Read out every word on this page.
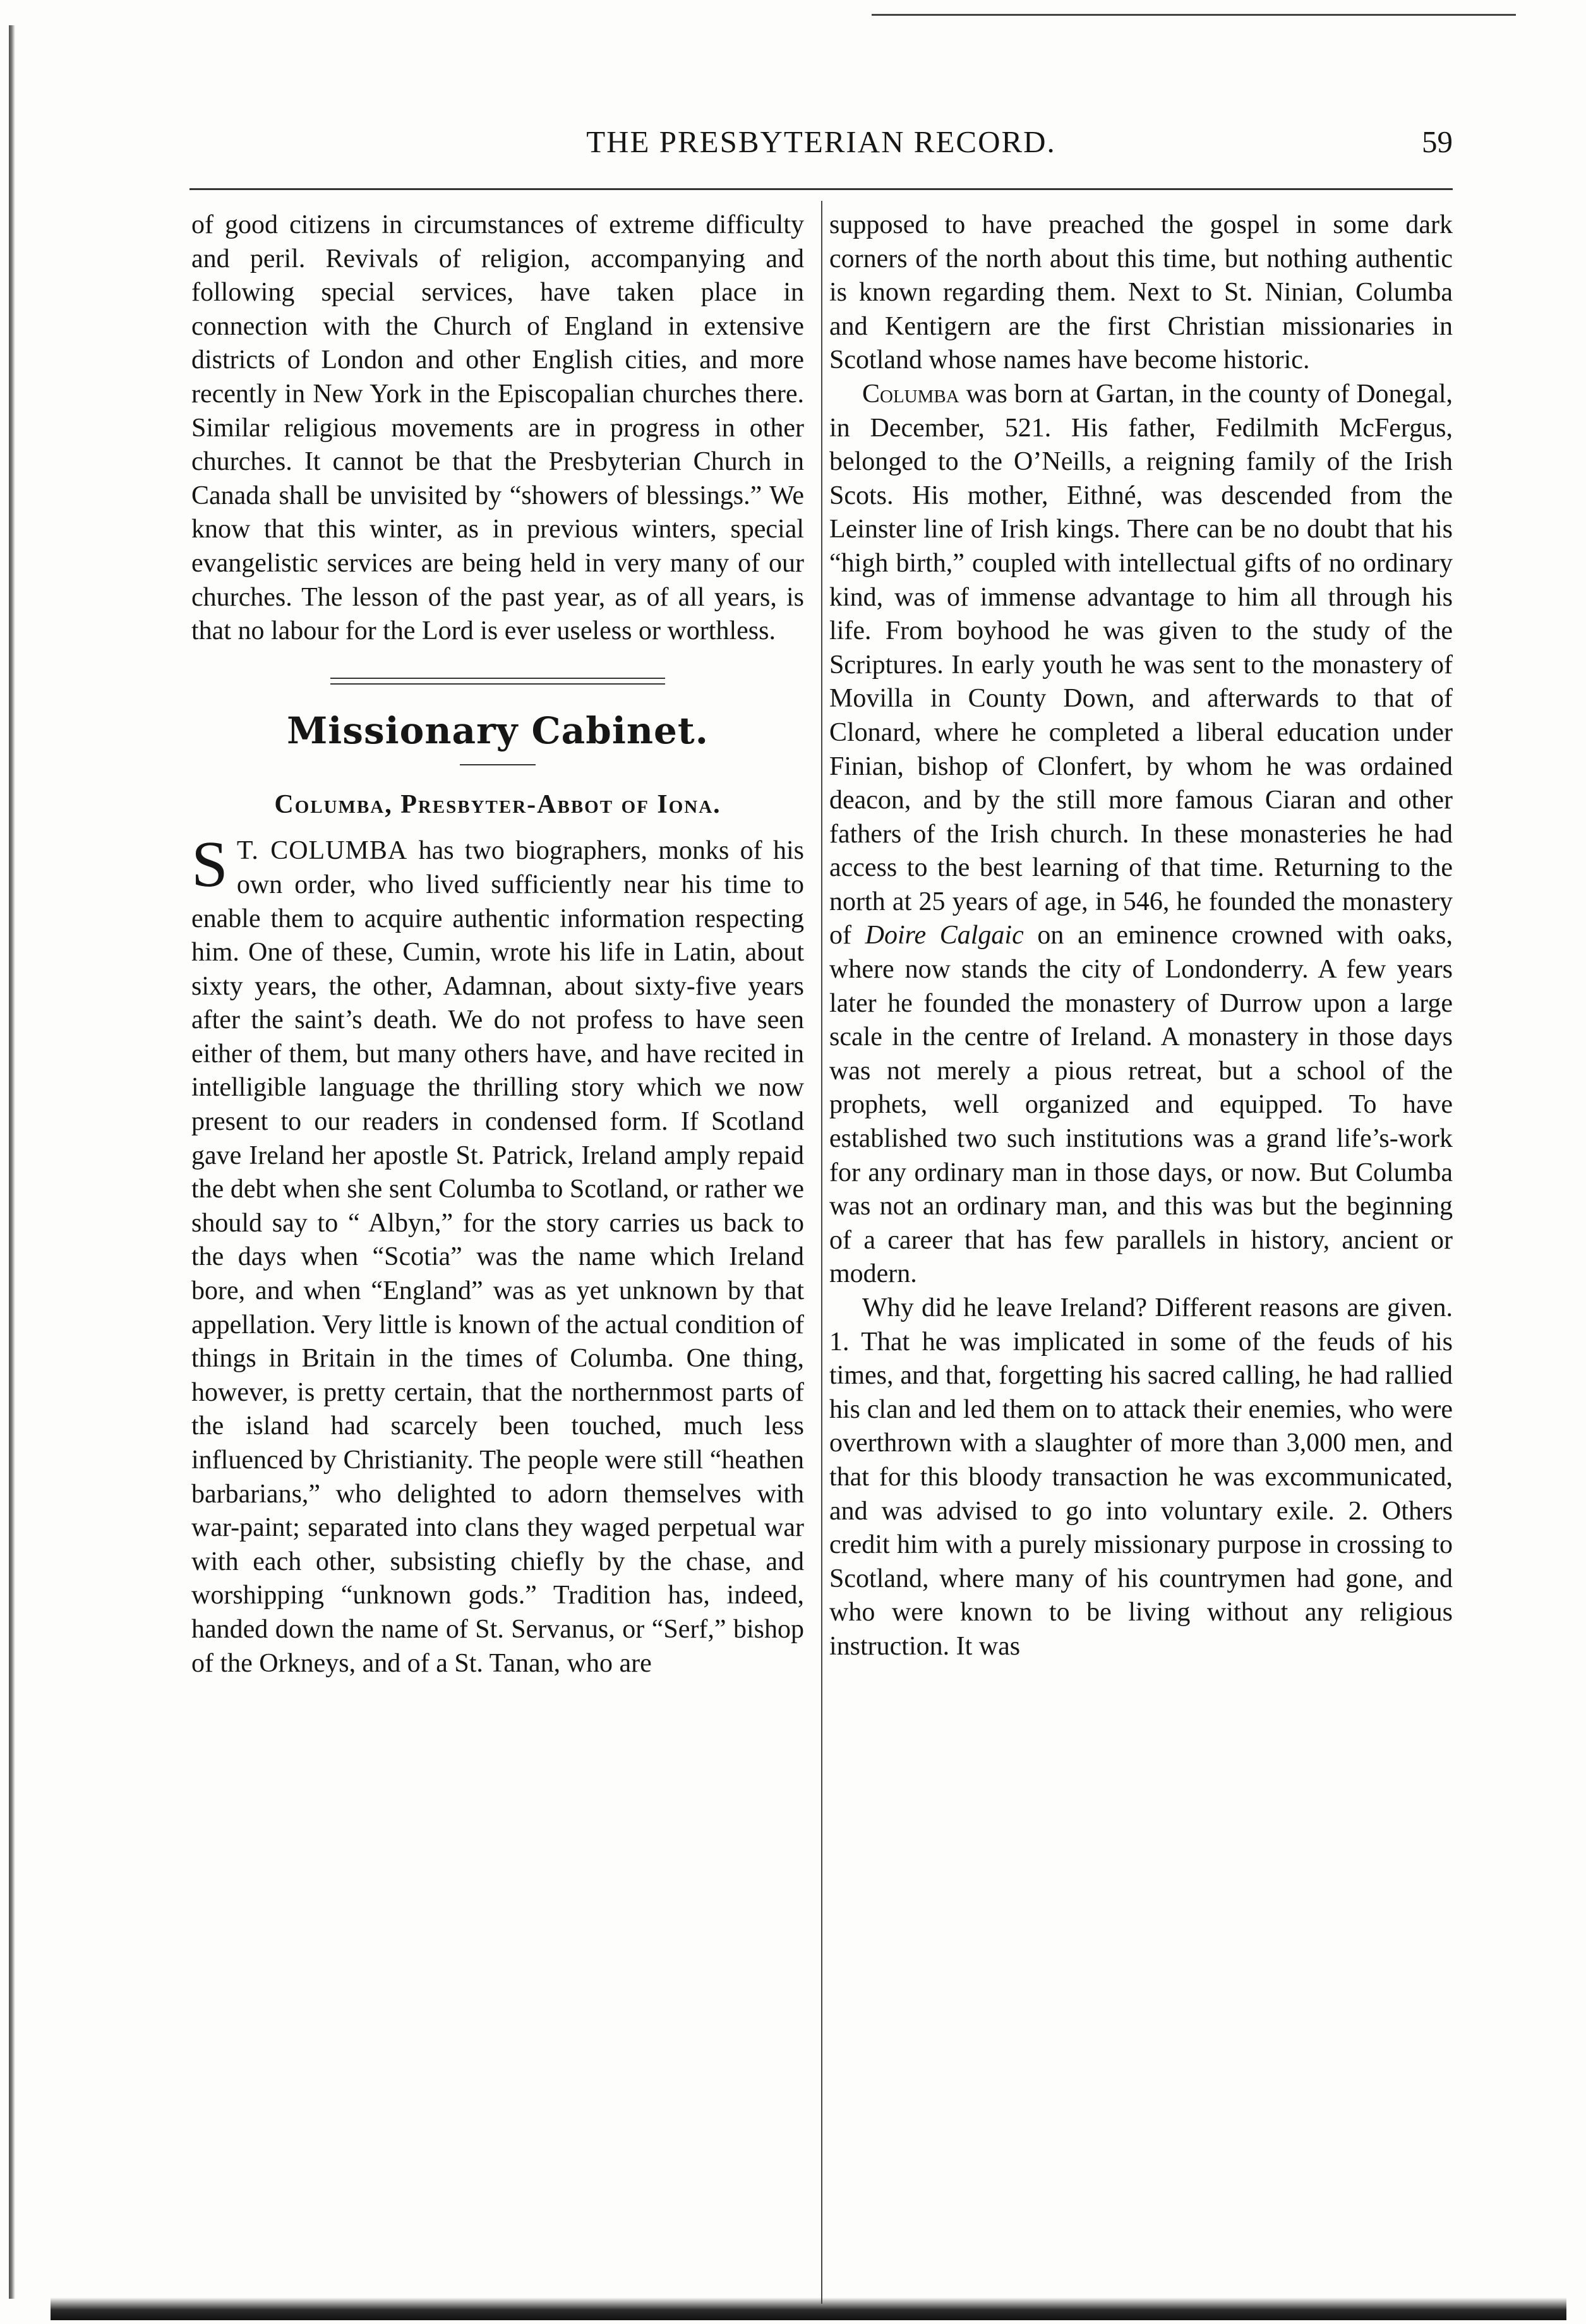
THE PRESBYTERIAN RECORD.	59

of good citizens in circumstances of extreme difficulty and peril. Revivals of religion, accompanying and following special services, have taken place in connection with the Church of England in extensive districts of London and other English cities, and more recently in New York in the Episcopalian churches there. Similar religious movements are in progress in other churches. It cannot be that the Presbyterian Church in Canada shall be unvisited by “showers of blessings.” We know that this winter, as in previous winters, special evangelistic services are being held in very many of our churches. The lesson of the past year, as of all years, is that no labour for the Lord is ever useless or worthless.

Missionary Cabinet.
Columba, Presbyter-Abbot of Iona.

S T. COLUMBA has two biographers, monks of his own order, who lived sufficiently near his time to enable them to acquire authentic information respecting him. One of these, Cumin, wrote his life in Latin, about sixty years, the other, Adamnan, about sixty-five years after the saint’s death. We do not profess to have seen either of them, but many others have, and have recited in intelligible language the thrilling story which we now present to our readers in condensed form. If Scotland gave Ireland her apostle St. Patrick, Ireland amply repaid the debt when she sent Columba to Scotland, or rather we should say to “ Albyn,” for the story carries us back to the days when “Scotia” was the name which Ireland bore, and when “England” was as yet unknown by that appellation. Very little is known of the actual condition of things in Britain in the times of Columba. One thing, however, is pretty certain, that the northernmost parts of the island had scarcely been touched, much less influenced by Christianity. The people were still “heathen barbarians,” who delighted to adorn themselves with war-paint; separated into clans they waged perpetual war with each other, subsisting chiefly by the chase, and worshipping “unknown gods.” Tradition has, indeed, handed down the name of St. Servanus, or “Serf,” bishop of the Orkneys, and of a St. Tanan, who are

supposed to have preached the gospel in some dark corners of the north about this time, but nothing authentic is known regarding them. Next to St. Ninian, Columba and Kentigern are the first Christian missionaries in Scotland whose names have become historic.

Columba was born at Gartan, in the county of Donegal, in December, 521. His father, Fedilmith McFergus, belonged to the O’Neills, a reigning family of the Irish Scots. His mother, Eithné, was descended from the Leinster line of Irish kings. There can be no doubt that his “high birth,” coupled with intellectual gifts of no ordinary kind, was of immense advantage to him all through his life. From boyhood he was given to the study of the Scriptures. In early youth he was sent to the monastery of Movilla in County Down, and afterwards to that of Clonard, where he completed a liberal education under Finian, bishop of Clonfert, by whom he was ordained deacon, and by the still more famous Ciaran and other fathers of the Irish church. In these monasteries he had access to the best learning of that time. Returning to the north at 25 years of age, in 546, he founded the monastery of Doire Calgaic on an eminence crowned with oaks, where now stands the city of Londonderry. A few years later he founded the monastery of Durrow upon a large scale in the centre of Ireland. A monastery in those days was not merely a pious retreat, but a school of the prophets, well organized and equipped. To have established two such institutions was a grand life’s-work for any ordinary man in those days, or now. But Columba was not an ordinary man, and this was but the beginning of a career that has few parallels in history, ancient or modern.

Why did he leave Ireland? Different reasons are given. 1. That he was implicated in some of the feuds of his times, and that, forgetting his sacred calling, he had rallied his clan and led them on to attack their enemies, who were overthrown with a slaughter of more than 3,000 men, and that for this bloody transaction he was excommunicated, and was advised to go into voluntary exile. 2. Others credit him with a purely missionary purpose in crossing to Scotland, where many of his countrymen had gone, and who were known to be living without any religious instruction. It was
